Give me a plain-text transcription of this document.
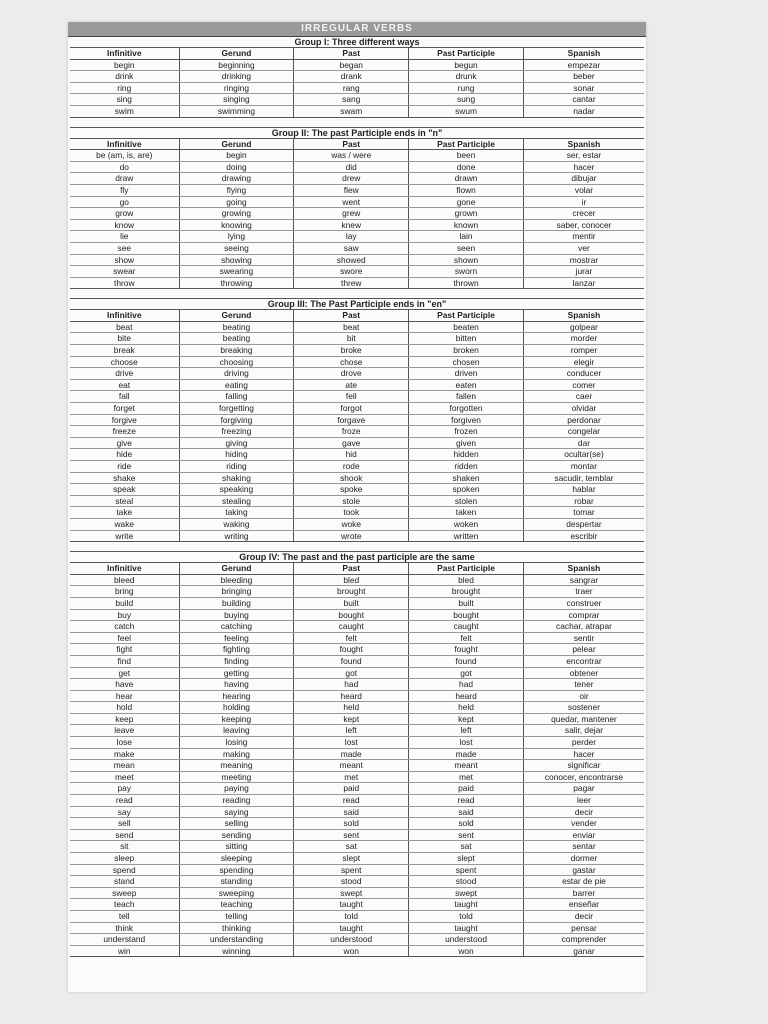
IRREGULAR VERBS
Group I: Three different ways
Infinitive	Gerund	Past	Past Participle	Spanish
begin	beginning	began	begun	empezar
drink	drinking	drank	drunk	beber
ring	ringing	rang	rung	sonar
sing	singing	sang	sung	cantar
swim	swimming	swam	swum	nadar
Group II: The past Participle ends in "n"
Infinitive	Gerund	Past	Past Participle	Spanish
be (am, is, are)	begin	was / were	been	ser, estar
do	doing	did	done	hacer
draw	drawing	drew	drawn	dibujar
fly	flying	flew	flown	volar
go	going	went	gone	ir
grow	growing	grew	grown	crecer
know	knowing	knew	known	saber, conocer
lie	lying	lay	lain	mentir
see	seeing	saw	seen	ver
show	showing	showed	shown	mostrar
swear	swearing	swore	sworn	jurar
throw	throwing	threw	thrown	lanzar
Group III: The Past Participle ends in "en"
Infinitive	Gerund	Past	Past Participle	Spanish
beat	beating	beat	beaten	golpear
bite	beating	bit	bitten	morder
break	breaking	broke	broken	romper
choose	choosing	chose	chosen	elegir
drive	driving	drove	driven	conducer
eat	eating	ate	eaten	comer
fall	falling	fell	fallen	caer
forget	forgetting	forgot	forgotten	olvidar
forgive	forgiving	forgave	forgiven	perdonar
freeze	freezing	froze	frozen	congelar
give	giving	gave	given	dar
hide	hiding	hid	hidden	ocultar(se)
ride	riding	rode	ridden	montar
shake	shaking	shook	shaken	sacudir, temblar
speak	speaking	spoke	spoken	hablar
steal	stealing	stole	stolen	robar
take	taking	took	taken	tomar
wake	waking	woke	woken	despertar
write	writing	wrote	written	escribir
Group IV: The past and the past participle are the same
Infinitive	Gerund	Past	Past Participle	Spanish
bleed	bleeding	bled	bled	sangrar
bring	bringing	brought	brought	traer
build	building	built	built	construer
buy	buying	bought	bought	comprar
catch	catching	caught	caught	cachar, atrapar
feel	feeling	felt	felt	sentir
fight	fighting	fought	fought	pelear
find	finding	found	found	encontrar
get	getting	got	got	obtener
have	having	had	had	tener
hear	hearing	heard	heard	oir
hold	holding	held	held	sostener
keep	keeping	kept	kept	quedar, mantener
leave	leaving	left	left	salir, dejar
lose	losing	lost	lost	perder
make	making	made	made	hacer
mean	meaning	meant	meant	significar
meet	meeting	met	met	conocer, encontrarse
pay	paying	paid	paid	pagar
read	reading	read	read	leer
say	saying	said	said	decir
sell	selling	sold	sold	vender
send	sending	sent	sent	enviar
sit	sitting	sat	sat	sentar
sleep	sleeping	slept	slept	dormer
spend	spending	spent	spent	gastar
stand	standing	stood	stood	estar de pie
sweep	sweeping	swept	swept	barrer
teach	teaching	taught	taught	enseñar
tell	telling	told	told	decir
think	thinking	taught	taught	pensar
understand	understanding	understood	understood	comprender
win	winning	won	won	ganar
